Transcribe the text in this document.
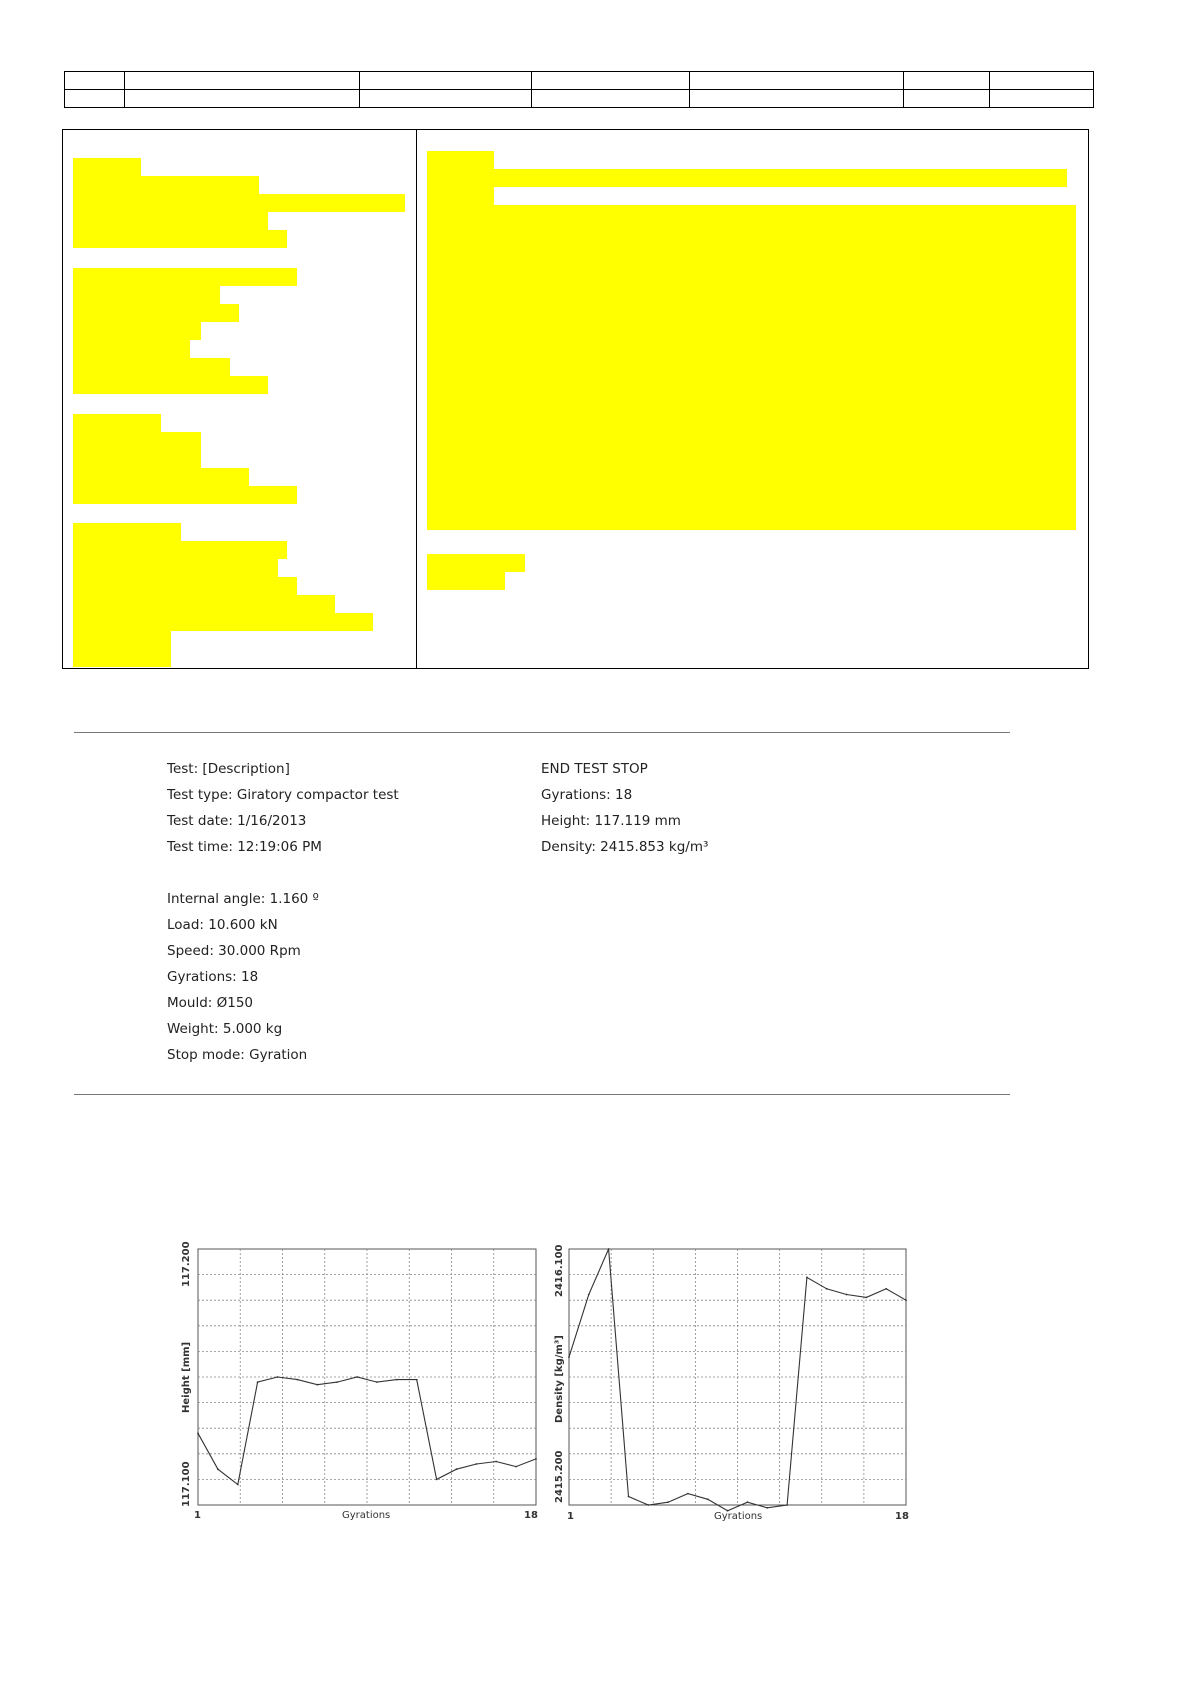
Test: [Description]
Test type: Giratory compactor test
Test date: 1/16/2013
Test time: 12:19:06 PM
Internal angle: 1.160 º
Load: 10.600 kN
Speed: 30.000 Rpm
Gyrations: 18
Mould: Ø150
Weight: 5.000 kg
Stop mode: Gyration
END TEST STOP
Gyrations: 18
Height: 117.119 mm
Density: 2415.853 kg/m³
Height [mm]
117.200
117.100
1	18
Gyrations
Density [kg/m³]
2416.100
2415.200
1	18
Gyrations
